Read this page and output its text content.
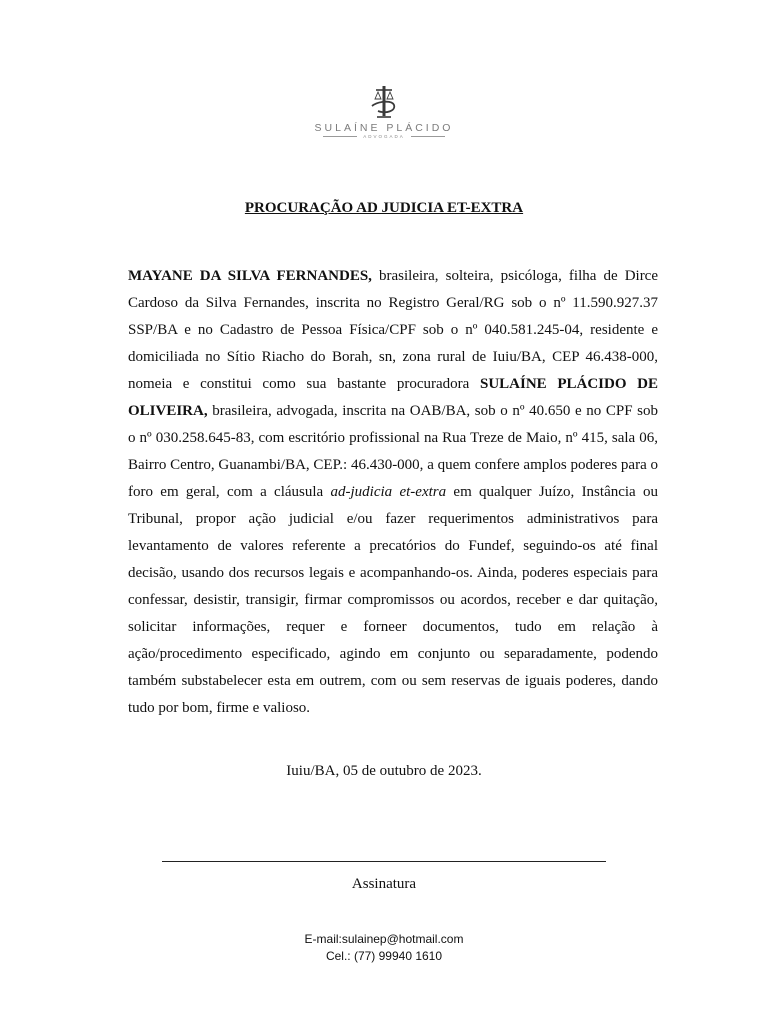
SULAÍNE PLÁCIDO
ADVOGADA
PROCURAÇÃO AD JUDICIA ET-EXTRA

MAYANE DA SILVA FERNANDES, brasileira, solteira, psicóloga, filha de Dirce Cardoso da Silva Fernandes, inscrita no Registro Geral/RG sob o nº 11.590.927.37 SSP/BA e no Cadastro de Pessoa Física/CPF sob o nº 040.581.245-04, residente e domiciliada no Sítio Riacho do Borah, sn, zona rural de Iuiu/BA, CEP 46.438-000, nomeia e constitui como sua bastante procuradora SULAÍNE PLÁCIDO DE OLIVEIRA, brasileira, advogada, inscrita na OAB/BA, sob o nº 40.650 e no CPF sob o nº 030.258.645-83, com escritório profissional na Rua Treze de Maio, nº 415, sala 06, Bairro Centro, Guanambi/BA, CEP.: 46.430-000, a quem confere amplos poderes para o foro em geral, com a cláusula ad-judicia et-extra em qualquer Juízo, Instância ou Tribunal, propor ação judicial e/ou fazer requerimentos administrativos para levantamento de valores referente a precatórios do Fundef, seguindo-os até final decisão, usando dos recursos legais e acompanhando-os. Ainda, poderes especiais para confessar, desistir, transigir, firmar compromissos ou acordos, receber e dar quitação, solicitar informações, requer e forneer documentos, tudo em relação à ação/procedimento especificado, agindo em conjunto ou separadamente, podendo também substabelecer esta em outrem, com ou sem reservas de iguais poderes, dando tudo por bom, firme e valioso.

Iuiu/BA, 05 de outubro de 2023.
Assinatura
E-mail:sulainep@hotmail.com
Cel.: (77) 99940 1610
